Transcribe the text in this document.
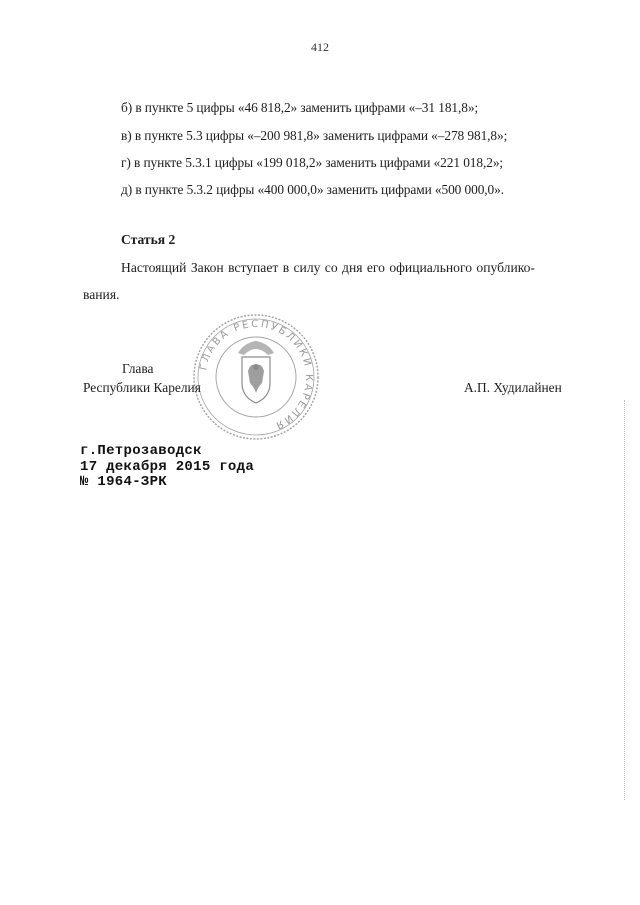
412
б) в пункте 5 цифры «46 818,2» заменить цифрами «–31 181,8»;
в) в пункте 5.3 цифры «–200 981,8» заменить цифрами «–278 981,8»;
г) в пункте 5.3.1 цифры «199 018,2» заменить цифрами «221 018,2»;
д) в пункте 5.3.2 цифры «400 000,0» заменить цифрами «500 000,0».
Статья 2
Настоящий Закон вступает в силу со дня его официального опублико-
вания.
ГЛАВА РЕСПУБЛИКИ КАРЕЛИЯ
Глава
Республики Карелия	А.П. Худилайнен
г.Петрозаводск
17 декабря 2015 года
№ 1964-ЗРК
